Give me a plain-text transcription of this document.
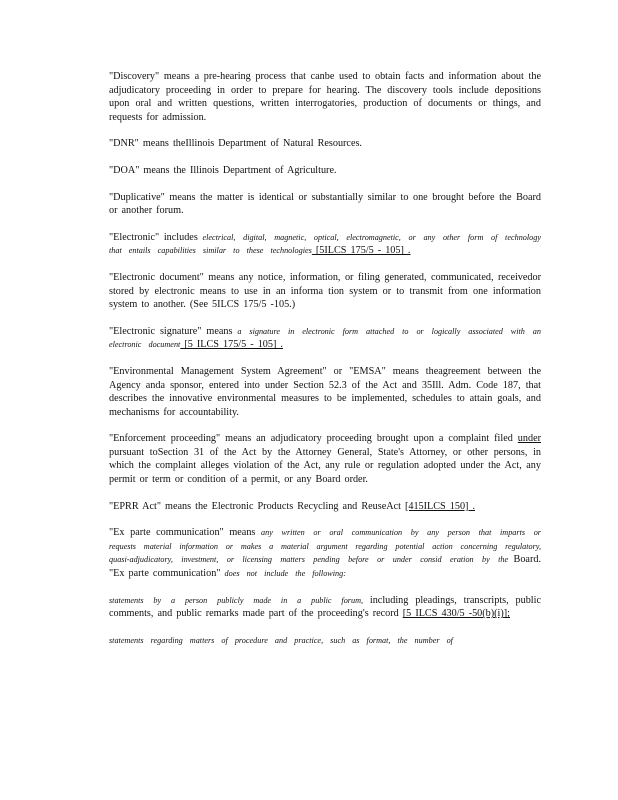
"Discovery" means a pre-hearing process that canbe used to obtain facts and information about the adjudicatory proceeding in order to prepare for hearing. The discovery tools include depositions upon oral and written questions, written interrogatories, production of documents or things, and requests for admission.

"DNR" means theIllinois Department of Natural Resources.

"DOA" means the Illinois Department of Agriculture.

"Duplicative" means the matter is identical or substantially similar to one brought before the Board or another forum.

"Electronic" includes electrical, digital, magnetic, optical, electromagnetic, or any other form of technology that entails capabilities similar to these technologies [5ILCS 175/5 - 105] .

"Electronic document" means any notice, information, or filing generated, communicated, receivedor stored by electronic means to use in an informa tion system or to transmit from one information system to another. (See 5ILCS 175/5 -105.)

"Electronic signature" means a signature in electronic form attached to or logically associated with an electronic document [5 ILCS 175/5 - 105] .

"Environmental Management System Agreement" or "EMSA" means theagreement between the Agency anda sponsor, entered into under Section 52.3 of the Act and 35Ill. Adm. Code 187, that describes the innovative environmental measures to be implemented, schedules to attain goals, and mechanisms for accountability.

"Enforcement proceeding" means an adjudicatory proceeding brought upon a complaint filed under pursuant toSection 31 of the Act by the Attorney General, State's Attorney, or other persons, in which the complaint alleges violation of the Act, any rule or regulation adopted under the Act, any permit or term or condition of a permit, or any Board order.

"EPRR Act" means the Electronic Products Recycling and ReuseAct [415ILCS 150] .

"Ex parte communication" means any written or oral communication by any person that imparts or requests material information or makes a material argument regarding potential action concerning regulatory, quasi-adjudicatory, investment, or licensing matters pending before or under consid eration by the Board. "Ex parte communication" does not include the following:

statements by a person publicly made in a public forum, including pleadings, transcripts, public comments, and public remarks made part of the proceeding's record [5 ILCS 430/5 -50(b)(i)];

statements regarding matters of procedure and practice, such as format, the number of
